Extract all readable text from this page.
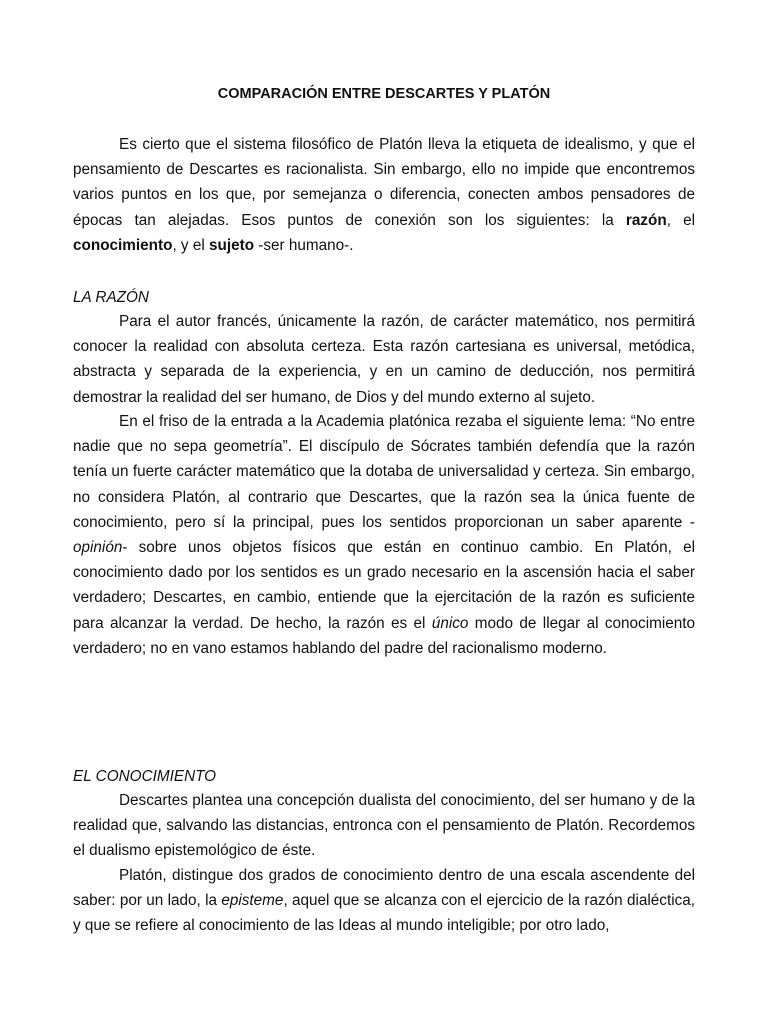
COMPARACIÓN ENTRE DESCARTES Y PLATÓN

Es cierto que el sistema filosófico de Platón lleva la etiqueta de idealismo, y que el pensamiento de Descartes es racionalista. Sin embargo, ello no impide que encontremos varios puntos en los que, por semejanza o diferencia, conecten ambos pensadores de épocas tan alejadas. Esos puntos de conexión son los siguientes: la razón, el conocimiento, y el sujeto -ser humano-.

LA RAZÓN

Para el autor francés, únicamente la razón, de carácter matemático, nos permitirá conocer la realidad con absoluta certeza. Esta razón cartesiana es universal, metódica, abstracta y separada de la experiencia, y en un camino de deducción, nos permitirá demostrar la realidad del ser humano, de Dios y del mundo externo al sujeto.

En el friso de la entrada a la Academia platónica rezaba el siguiente lema: “No entre nadie que no sepa geometría”. El discípulo de Sócrates también defendía que la razón tenía un fuerte carácter matemático que la dotaba de universalidad y certeza. Sin embargo, no considera Platón, al contrario que Descartes, que la razón sea la única fuente de conocimiento, pero sí la principal, pues los sentidos proporcionan un saber aparente -opinión- sobre unos objetos físicos que están en continuo cambio. En Platón, el conocimiento dado por los sentidos es un grado necesario en la ascensión hacia el saber verdadero; Descartes, en cambio, entiende que la ejercitación de la razón es suficiente para alcanzar la verdad. De hecho, la razón es el único modo de llegar al conocimiento verdadero; no en vano estamos hablando del padre del racionalismo moderno.

EL CONOCIMIENTO

Descartes plantea una concepción dualista del conocimiento, del ser humano y de la realidad que, salvando las distancias, entronca con el pensamiento de Platón. Recordemos el dualismo epistemológico de éste.

Platón, distingue dos grados de conocimiento dentro de una escala ascendente del saber: por un lado, la episteme, aquel que se alcanza con el ejercicio de la razón dialéctica, y que se refiere al conocimiento de las Ideas al mundo inteligible; por otro lado,
